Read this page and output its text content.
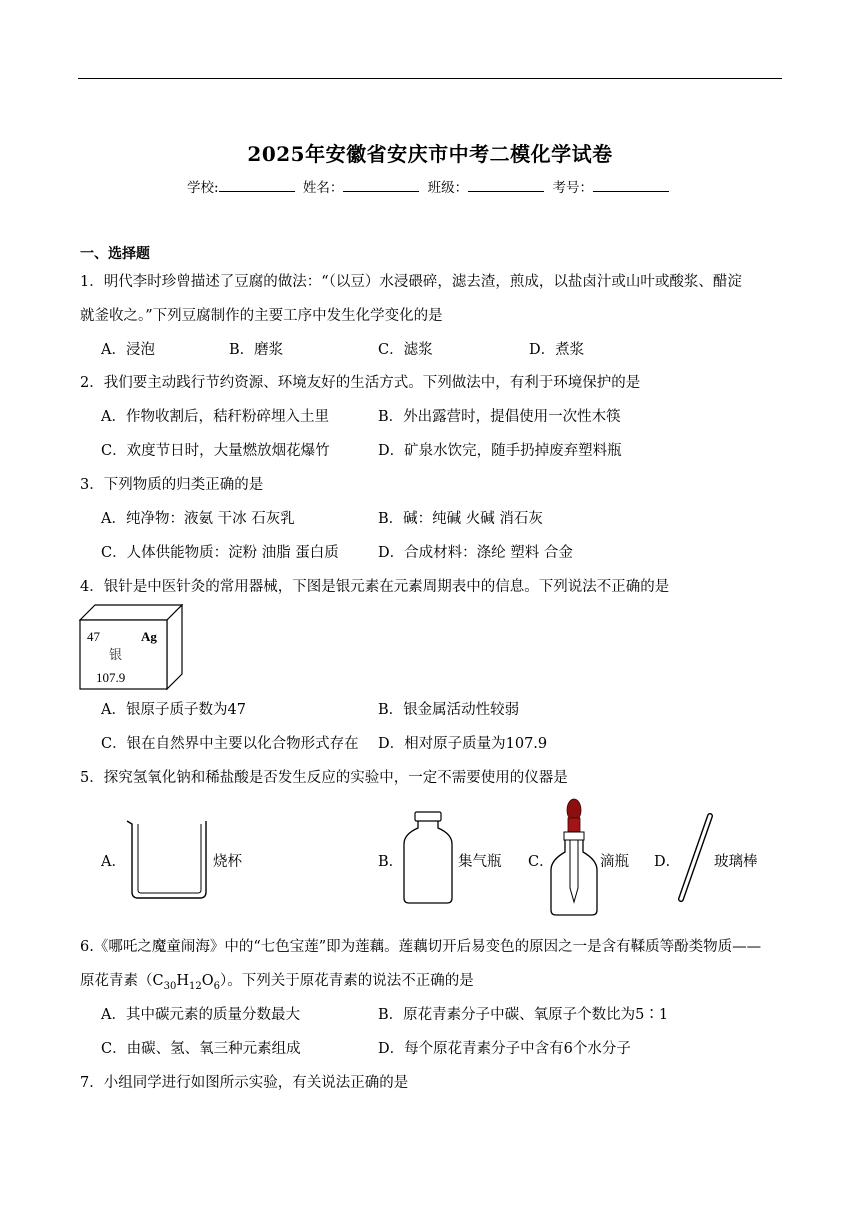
2025年安徽省安庆市中考二模化学试卷
学校:	姓名：	班级：	考号：
一、选择题
1．明代李时珍曾描述了豆腐的做法：“（以豆）水浸碨碎，滤去渣，煎成，以盐卤汁或山叶或酸浆、醋淀
就釜收之。”下列豆腐制作的主要工序中发生化学变化的是
A．浸泡	B．磨浆	C．滤浆	D．煮浆
2．我们要主动践行节约资源、环境友好的生活方式。下列做法中，有利于环境保护的是
A．作物收割后，秸秆粉碎埋入土里	B．外出露营时，提倡使用一次性木筷
C．欢度节日时，大量燃放烟花爆竹	D．矿泉水饮完，随手扔掉废弃塑料瓶
3．下列物质的归类正确的是
A．纯净物：液氨 干冰 石灰乳	B．碱：纯碱 火碱 消石灰
C．人体供能物质：淀粉 油脂 蛋白质	D．合成材料：涤纶 塑料 合金
4．银针是中医针灸的常用器械，下图是银元素在元素周期表中的信息。下列说法不正确的是
47	Ag
银
107.9
A．银原子质子数为47	B．银金属活动性较弱
C．银在自然界中主要以化合物形式存在 D．相对原子质量为107.9
5．探究氢氧化钠和稀盐酸是否发生反应的实验中，一定不需要使用的仪器是
A．	烧杯	B．	集气瓶 C．	滴瓶 D． 玻璃棒
6.《哪吒之魔童闹海》中的“七色宝莲”即为莲藕。莲藕切开后易变色的原因之一是含有鞣质等酚类物质——
原花青素$(C_{30}H_{12}O_6)$。下列关于原花青素的说法不正确的是
A．其中碳元素的质量分数最大	B．原花青素分子中碳、氧原子个数比为5∶1
C．由碳、氢、氧三种元素组成	D．每个原花青素分子中含有6个水分子
7．小组同学进行如图所示实验，有关说法正确的是
